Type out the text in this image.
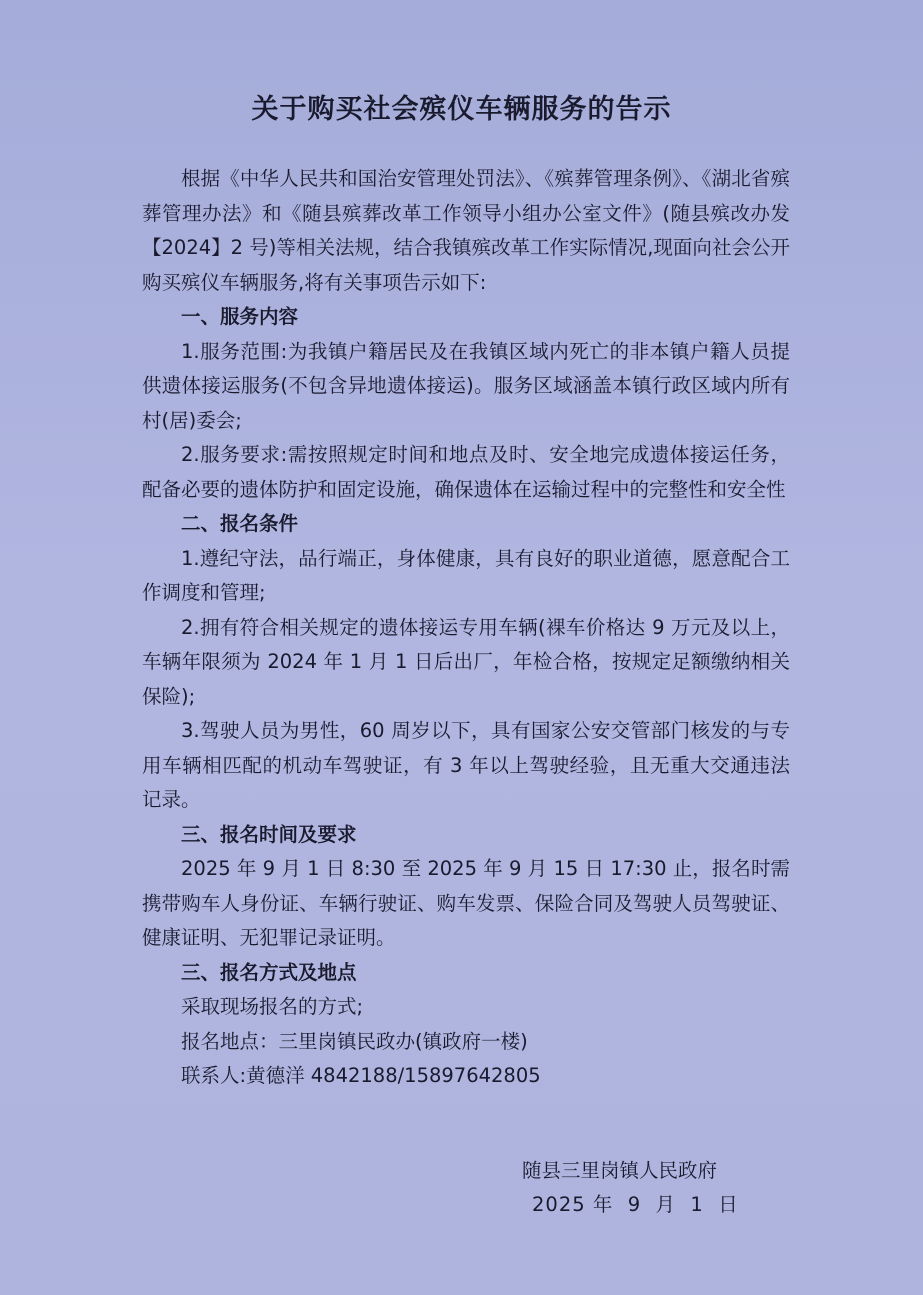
关于购买社会殡仪车辆服务的告示

根据《中华人民共和国治安管理处罚法》、《殡葬管理条例》、《湖北省殡葬管理办法》和《随县殡葬改革工作领导小组办公室文件》(随县殡改办发【2024】2 号)等相关法规，结合我镇殡改革工作实际情况,现面向社会公开购买殡仪车辆服务,将有关事项告示如下:

一、服务内容

1.服务范围:为我镇户籍居民及在我镇区域内死亡的非本镇户籍人员提供遗体接运服务(不包含异地遗体接运)。服务区域涵盖本镇行政区域内所有村(居)委会;

2.服务要求:需按照规定时间和地点及时、安全地完成遗体接运任务，配备必要的遗体防护和固定设施，确保遗体在运输过程中的完整性和安全性

二、报名条件

1.遵纪守法，品行端正，身体健康，具有良好的职业道德，愿意配合工作调度和管理;

2.拥有符合相关规定的遗体接运专用车辆(裸车价格达 9 万元及以上，车辆年限须为 2024 年 1 月 1 日后出厂，年检合格，按规定足额缴纳相关保险);

3.驾驶人员为男性，60 周岁以下，具有国家公安交管部门核发的与专用车辆相匹配的机动车驾驶证，有 3 年以上驾驶经验，且无重大交通违法记录。

三、报名时间及要求

2025 年 9 月 1 日 8:30 至 2025 年 9 月 15 日 17:30 止，报名时需携带购车人身份证、车辆行驶证、购车发票、保险合同及驾驶人员驾驶证、健康证明、无犯罪记录证明。

三、报名方式及地点

采取现场报名的方式;

报名地点：三里岗镇民政办(镇政府一楼)

联系人:黄德洋 4842188/15897642805

随县三里岗镇人民政府
2025 年  9  月  1  日
